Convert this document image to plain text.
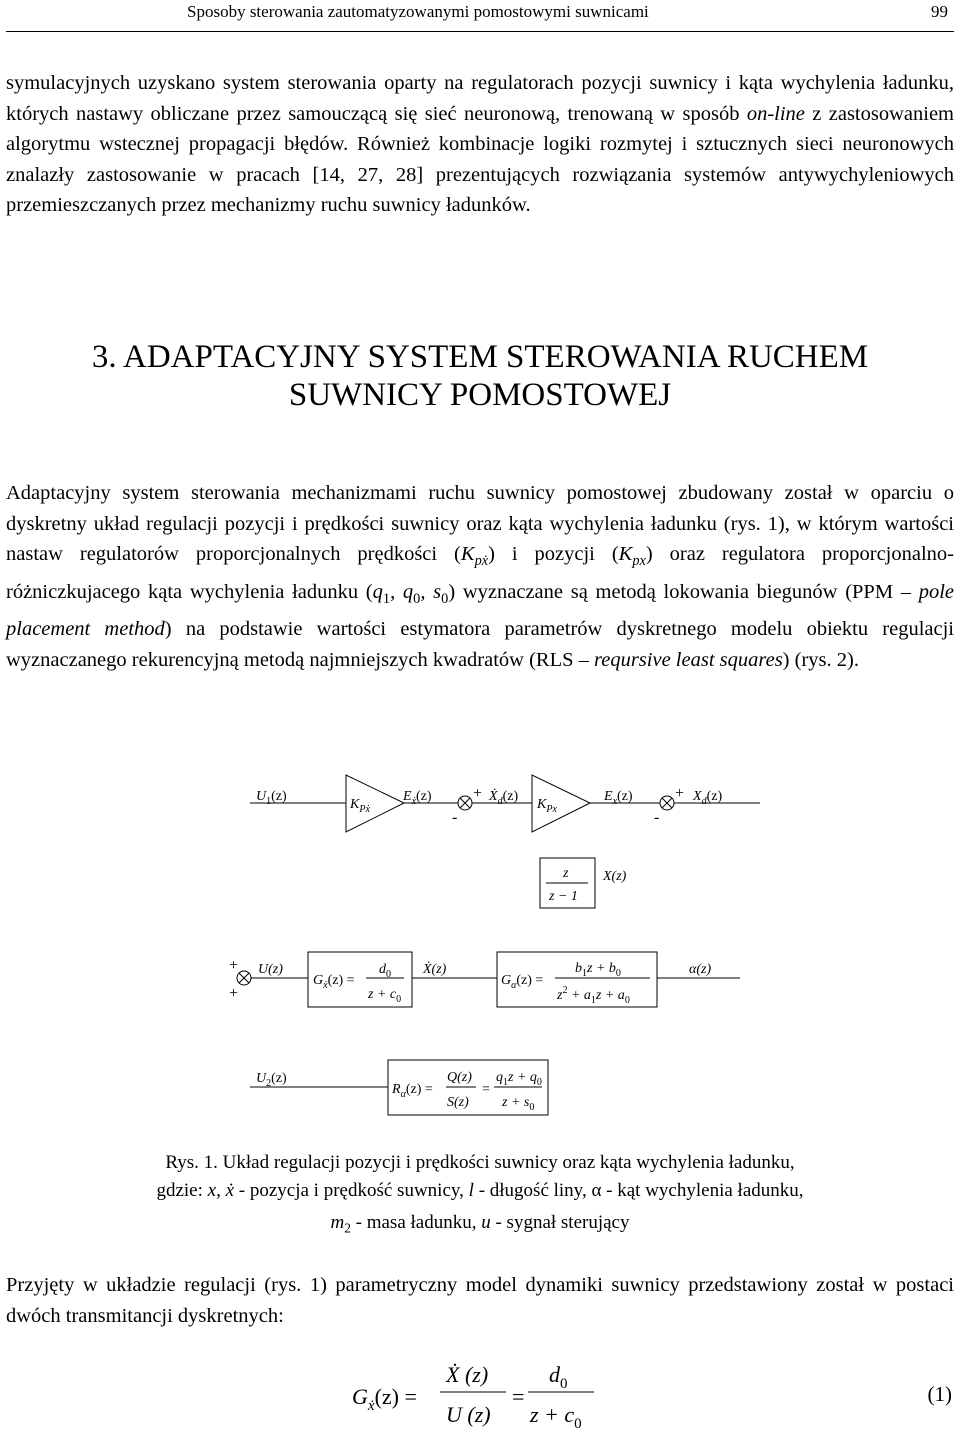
Sposoby sterowania zautomatyzowanymi pomostowymi suwnicami	99
symulacyjnych uzyskano system sterowania oparty na regulatorach pozycji suwnicy i kąta wychylenia ładunku, których nastawy obliczane przez samouczącą się sieć neuronową, trenowaną w sposób on-line z zastosowaniem algorytmu wstecznej propagacji błędów. Również kombinacje logiki rozmytej i sztucznych sieci neuronowych znalazły zastosowanie w pracach [14, 27, 28] prezentujących rozwiązania systemów antywychyleniowych przemieszczanych przez mechanizmy ruchu suwnicy ładunków.
3. ADAPTACYJNY SYSTEM STEROWANIA RUCHEM
SUWNICY POMOSTOWEJ
Adaptacyjny system sterowania mechanizmami ruchu suwnicy pomostowej zbudowany został w oparciu o dyskretny układ regulacji pozycji i prędkości suwnicy oraz kąta wychylenia ładunku (rys. 1), w którym wartości nastaw regulatorów proporcjonalnych prędkości $(K_{pẋ})$ i pozycji $(K_{px})$ oraz regulatora proporcjonalno-różniczkujacego kąta wychylenia ładunku ($q_1$, $q_0$, $s_0$) wyznaczane są metodą lokowania biegunów (PPM – pole placement method) na podstawie wartości estymatora parametrów dyskretnego modelu obiektu regulacji wyznaczanego rekurencyjną metodą najmniejszych kwadratów (RLS – reqursive least squares) (rys. 2).
$U_1(z)$
$K_{Pẋ}$
$E_{ẋ}(z)$	+
-
$Ẋ_d(z)$
$K_{Px}$
$E_x(z)$	+
-
$X_d(z)$
z
z − 1
X(z)
+
+
U(z)
$G_{ẋ}(z)$ =
$d_0$
$z + c_0$
Ẋ(z)
$G_\alpha(z)$ =
$b_1z + b_0$
$z^2 + a_1z + a_0$
α(z)
$U_2(z)$
$R_\alpha(z)$ =
Q(z)
S(z)
=
$q_1z + q_0$
$z + s_0$
Rys. 1. Układ regulacji pozycji i prędkości suwnicy oraz kąta wychylenia ładunku,
gdzie: x, ẋ - pozycja i prędkość suwnicy, l - długość liny, α - kąt wychylenia ładunku,
$m_2$ - masa ładunku, u - sygnał sterujący
Przyjęty w układzie regulacji (rys. 1) parametryczny model dynamiki suwnicy przedstawiony został w postaci dwóch transmitancji dyskretnych:
$G_ẋ(z)$ =
Ẋ (z)
U (z)
=
$d_0$
$z + c_0$
(1)
